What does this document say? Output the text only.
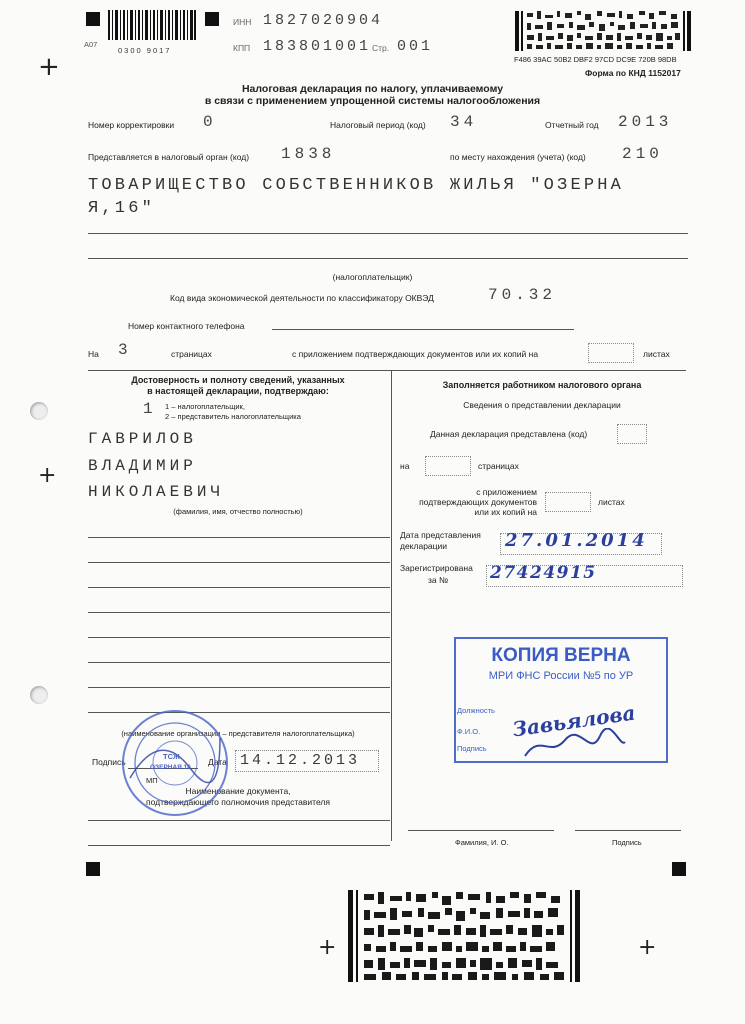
A07
0300 9017
ИНН 1827020904
КПП 183801001 Стр. 001
F486 39AC 50B2 DBF2 97CD DC9E 720B 98DB
Форма по КНД 1152017
+
+
+	+
Налоговая декларация по налогу, уплачиваемому
в связи с применением упрощенной системы налогообложения
Номер корректировки 0	Налоговый период (код) 34	Отчетный год 2013
Представляется в налоговый орган (код) 1838	по месту нахождения (учета) (код) 210
ТОВАРИЩЕСТВО СОБСТВЕННИКОВ ЖИЛЬЯ "ОЗЕРНА
Я,16"
(налогоплательщик)
Код вида экономической деятельности по классификатору ОКВЭД	70.32
Номер контактного телефона
На 3	страницах	с приложением подтверждающих документов или их копий на	листах
Достоверность и полноту сведений, указанных
в настоящей декларации, подтверждаю:
1 1 – налогоплательщик,
2 – представитель налогоплательщика
ГАВРИЛОВ
ВЛАДИМИР
НИКОЛАЕВИЧ
(фамилия, имя, отчество полностью)
(наименование организации – представителя налогоплательщика)
Подпись
МП
Дата 14.12.2013
Наименование документа,
подтверждающего полномочия представителя
ТСЖ
ОЗЕРНАЯ 16
Заполняется работником налогового органа
Сведения о представлении декларации
Данная декларация представлена (код)
на	страницах
с приложением
подтверждающих документов
или их копий на
листах
Дата представления
декларации	27.01.2014
Зарегистрирована
за № 27424915
КОПИЯ ВЕРНА
МРИ ФНС России №5 по УР
Должность
Ф.И.О.
Подпись
Завьялова
Фамилия, И. О.	Подпись
